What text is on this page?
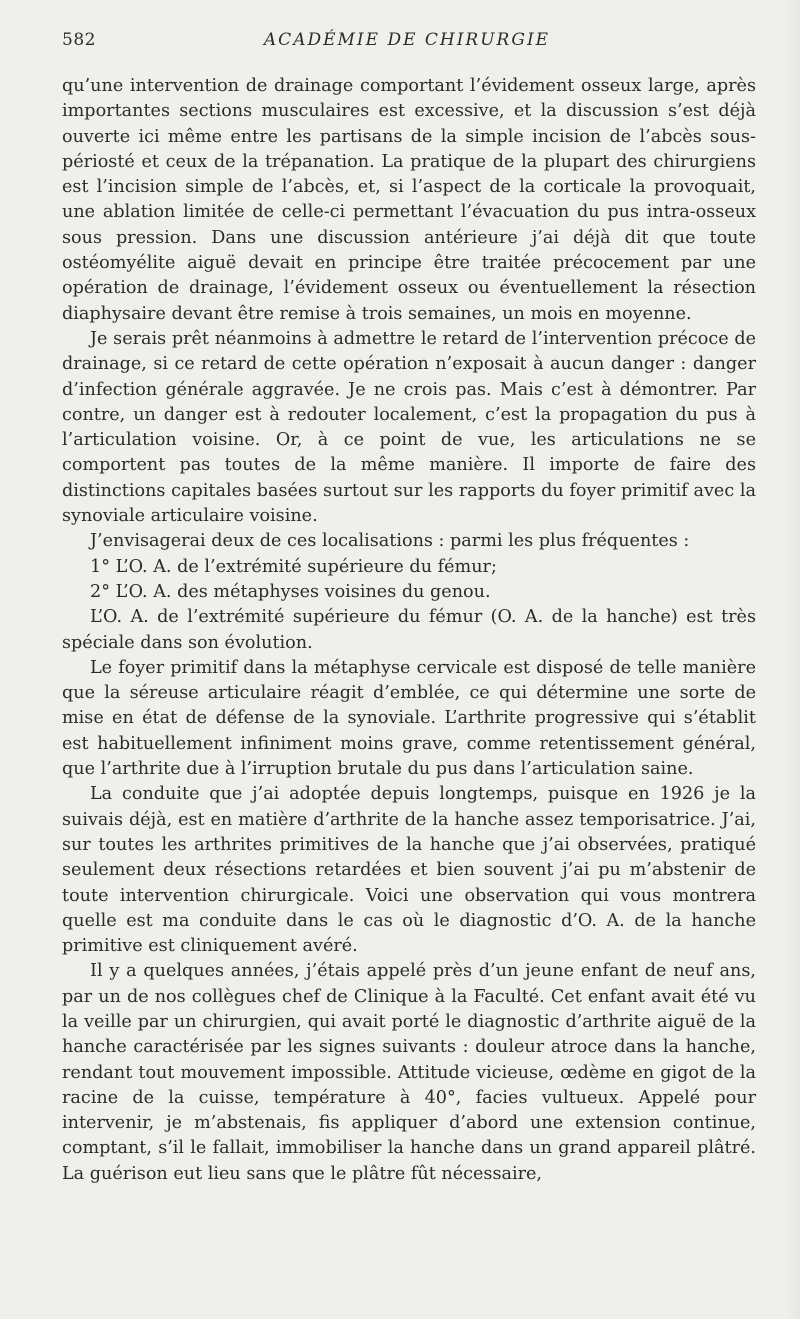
582	ACADÉMIE DE CHIRURGIE

qu’une intervention de drainage comportant l’évidement osseux large, après importantes sections musculaires est excessive, et la discussion s’est déjà ouverte ici même entre les partisans de la simple incision de l’abcès sous-périosté et ceux de la trépanation. La pratique de la plupart des chirurgiens est l’incision simple de l’abcès, et, si l’aspect de la corticale la provoquait, une ablation limitée de celle-ci permettant l’évacuation du pus intra-osseux sous pression. Dans une discussion antérieure j’ai déjà dit que toute ostéomyélite aiguë devait en principe être traitée précocement par une opération de drainage, l’évidement osseux ou éventuellement la résection diaphysaire devant être remise à trois semaines, un mois en moyenne.

Je serais prêt néanmoins à admettre le retard de l’intervention précoce de drainage, si ce retard de cette opération n’exposait à aucun danger : danger d’infection générale aggravée. Je ne crois pas. Mais c’est à démontrer. Par contre, un danger est à redouter localement, c’est la propagation du pus à l’articulation voisine. Or, à ce point de vue, les articulations ne se comportent pas toutes de la même manière. Il importe de faire des distinctions capitales basées surtout sur les rapports du foyer primitif avec la synoviale articulaire voisine.

J’envisagerai deux de ces localisations : parmi les plus fréquentes :

1° L’O. A. de l’extrémité supérieure du fémur;

2° L’O. A. des métaphyses voisines du genou.

L’O. A. de l’extrémité supérieure du fémur (O. A. de la hanche) est très spéciale dans son évolution.

Le foyer primitif dans la métaphyse cervicale est disposé de telle manière que la séreuse articulaire réagit d’emblée, ce qui détermine une sorte de mise en état de défense de la synoviale. L’arthrite progressive qui s’établit est habituellement infiniment moins grave, comme retentissement général, que l’arthrite due à l’irruption brutale du pus dans l’articulation saine.

La conduite que j’ai adoptée depuis longtemps, puisque en 1926 je la suivais déjà, est en matière d’arthrite de la hanche assez temporisatrice. J’ai, sur toutes les arthrites primitives de la hanche que j’ai observées, pratiqué seulement deux résections retardées et bien souvent j’ai pu m’abstenir de toute intervention chirurgicale. Voici une observation qui vous montrera quelle est ma conduite dans le cas où le diagnostic d’O. A. de la hanche primitive est cliniquement avéré.

Il y a quelques années, j’étais appelé près d’un jeune enfant de neuf ans, par un de nos collègues chef de Clinique à la Faculté. Cet enfant avait été vu la veille par un chirurgien, qui avait porté le diagnostic d’arthrite aiguë de la hanche caractérisée par les signes suivants : douleur atroce dans la hanche, rendant tout mouvement impossible. Attitude vicieuse, œdème en gigot de la racine de la cuisse, température à 40°, facies vultueux. Appelé pour intervenir, je m’abstenais, fis appliquer d’abord une extension continue, comptant, s’il le fallait, immobiliser la hanche dans un grand appareil plâtré. La guérison eut lieu sans que le plâtre fût nécessaire,
